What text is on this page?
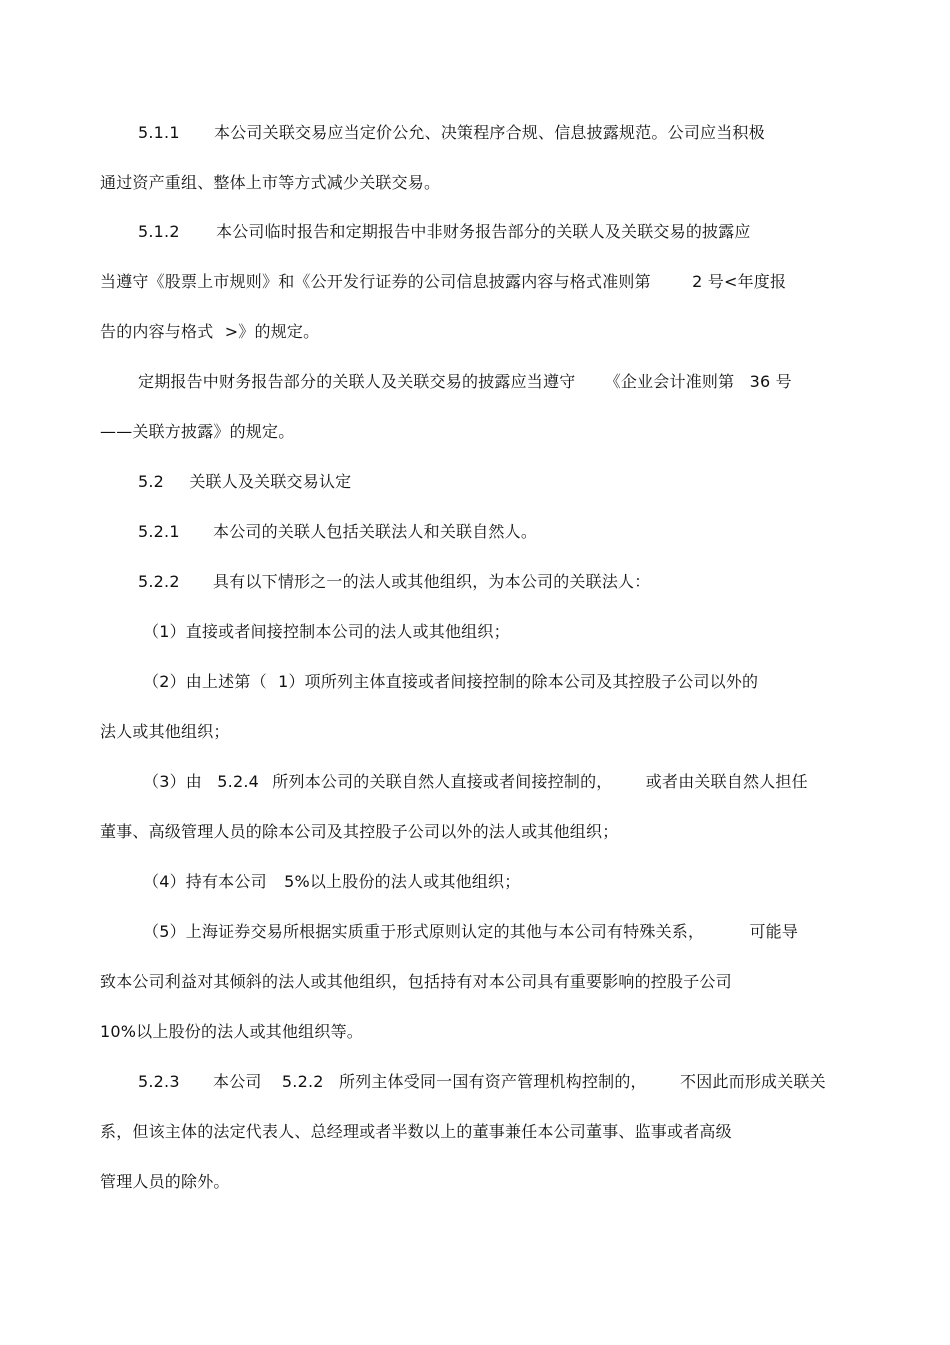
5.1.1 本公司关联交易应当定价公允、决策程序合规、信息披露规范。公司应当积极
通过资产重组、整体上市等方式减少关联交易。
5.1.2 本公司临时报告和定期报告中非财务报告部分的关联人及关联交易的披露应
当遵守《股票上市规则》和《公开发行证券的公司信息披露内容与格式准则第	2 号<年度报
告的内容与格式 >》的规定。
定期报告中财务报告部分的关联人及关联交易的披露应当遵守 《企业会计准则第 36 号
——关联方披露》的规定。
5.2 关联人及关联交易认定
5.2.1 本公司的关联人包括关联法人和关联自然人。
5.2.2 具有以下情形之一的法人或其他组织，为本公司的关联法人：
（1）直接或者间接控制本公司的法人或其他组织；
（2）由上述第（ 1）项所列主体直接或者间接控制的除本公司及其控股子公司以外的
法人或其他组织；
（3）由 5.2.4 所列本公司的关联自然人直接或者间接控制的， 或者由关联自然人担任
董事、高级管理人员的除本公司及其控股子公司以外的法人或其他组织；
（4）持有本公司 5%以上股份的法人或其他组织；
（5）上海证券交易所根据实质重于形式原则认定的其他与本公司有特殊关系，	可能导
致本公司利益对其倾斜的法人或其他组织，包括持有对本公司具有重要影响的控股子公司
10%以上股份的法人或其他组织等。
5.2.3 本公司 5.2.2 所列主体受同一国有资产管理机构控制的， 不因此而形成关联关
系，但该主体的法定代表人、总经理或者半数以上的董事兼任本公司董事、监事或者高级
管理人员的除外。
